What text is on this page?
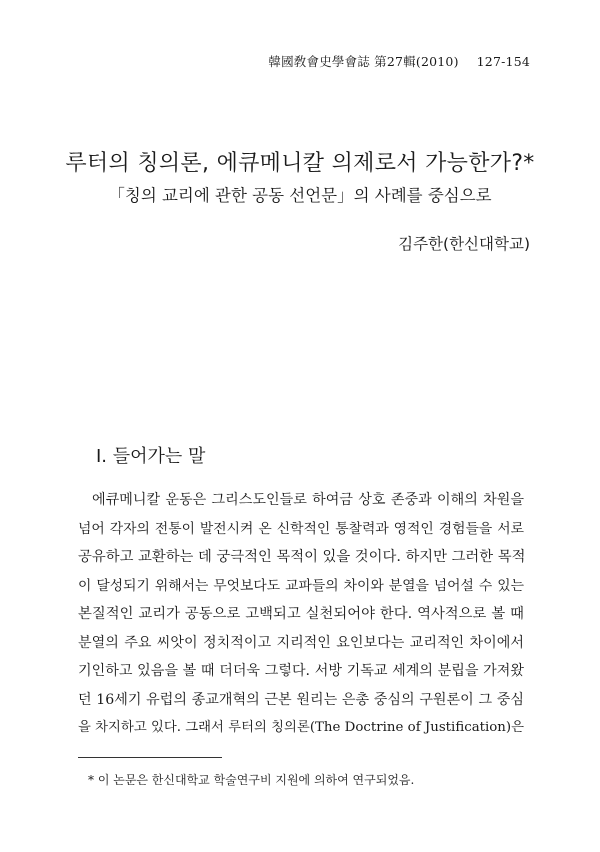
韓國敎會史學會誌 第27輯(2010) 127-154
루터의 칭의론, 에큐메니칼 의제로서 가능한가?*
「칭의 교리에 관한 공동 선언문」의 사례를 중심으로
김주한(한신대학교)
Ⅰ. 들어가는 말
에큐메니칼 운동은 그리스도인들로 하여금 상호 존중과 이해의 차원을
넘어 각자의 전통이 발전시켜 온 신학적인 통찰력과 영적인 경험들을 서로
공유하고 교환하는 데 궁극적인 목적이 있을 것이다. 하지만 그러한 목적
이 달성되기 위해서는 무엇보다도 교파들의 차이와 분열을 넘어설 수 있는
본질적인 교리가 공동으로 고백되고 실천되어야 한다. 역사적으로 볼 때
분열의 주요 씨앗이 정치적이고 지리적인 요인보다는 교리적인 차이에서
기인하고 있음을 볼 때 더더욱 그렇다. 서방 기독교 세계의 분립을 가져왔
던 16세기 유럽의 종교개혁의 근본 원리는 은총 중심의 구원론이 그 중심
을 차지하고 있다. 그래서 루터의 칭의론(The Doctrine of Justification)은
* 이 논문은 한신대학교 학술연구비 지원에 의하여 연구되었음.
